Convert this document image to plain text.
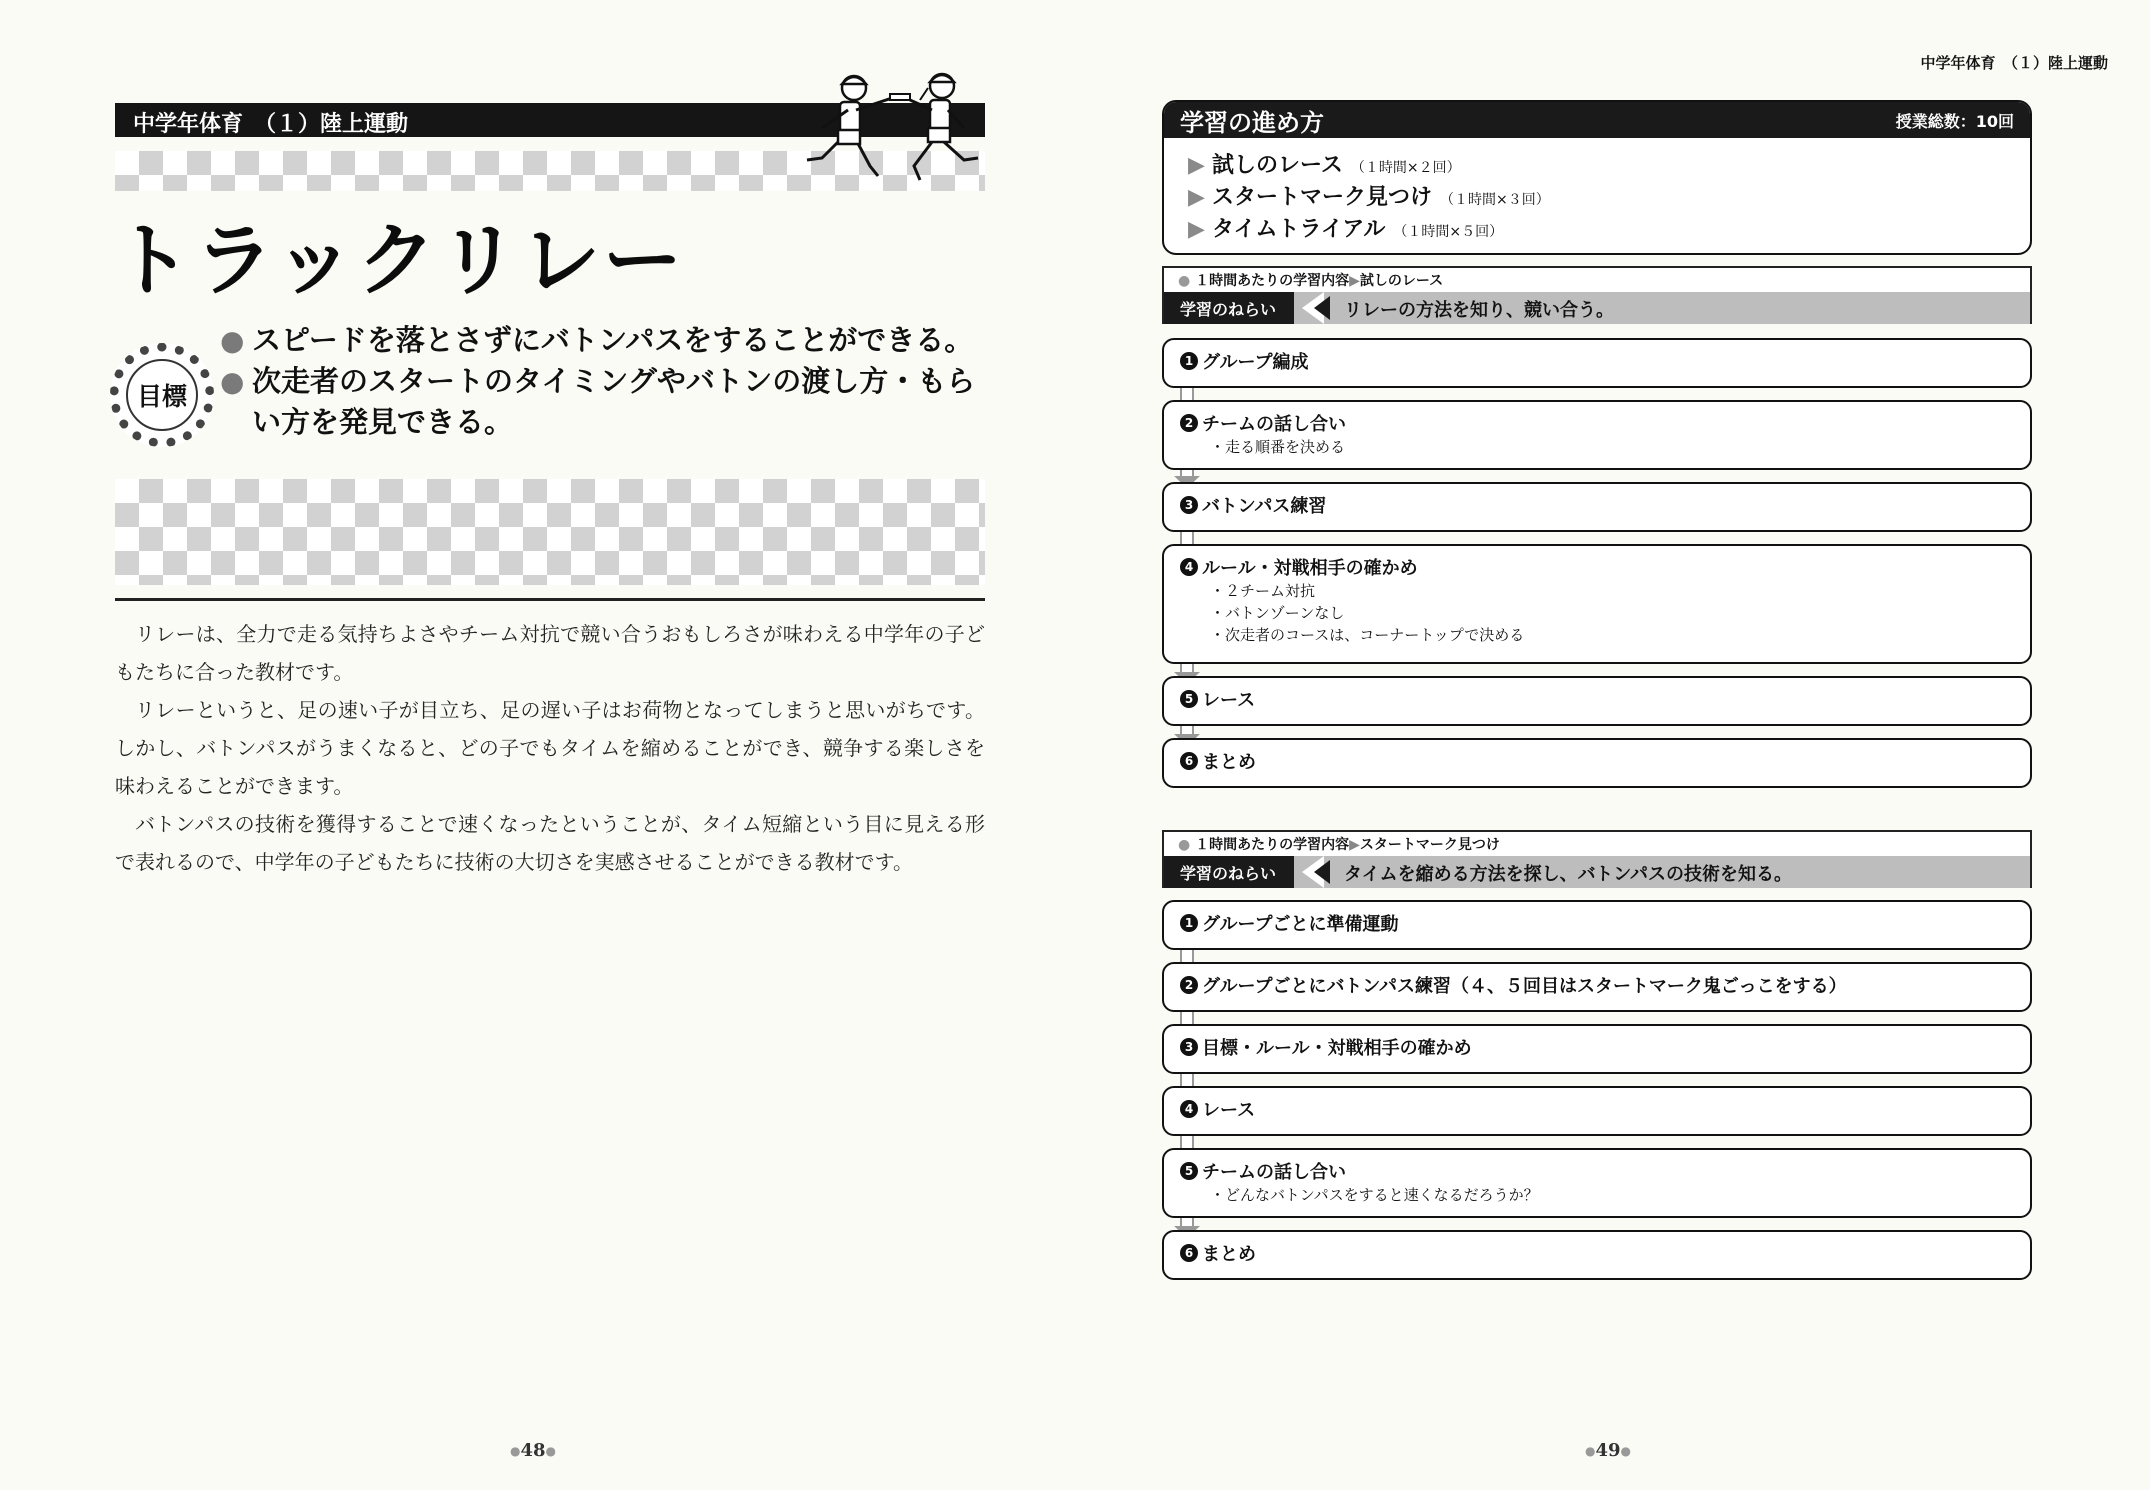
中学年体育　（１）陸上運動
トラックリレー
目標
● スピードを落とさずにバトンパスをすることができる。
● 次走者のスタートのタイミングやバトンの渡し方・もらい方を発見できる。

リレーは、全力で走る気持ちよさやチーム対抗で競い合うおもしろさが味わえる中学年の子どもたちに合った教材です。

リレーというと、足の速い子が目立ち、足の遅い子はお荷物となってしまうと思いがちです。しかし、バトンパスがうまくなると、どの子でもタイムを縮めることができ、競争する楽しさを味わえることができます。

バトンパスの技術を獲得することで速くなったということが、タイム短縮という目に見える形で表れるので、中学年の子どもたちに技術の大切さを実感させることができる教材です。

●48●
中学年体育　（１）陸上運動
学習の進め方	授業総数：10回
▶ 試しのレース （１時間×２回）
▶ スタートマーク見つけ （１時間×３回）
▶ タイムトライアル （１時間×５回）
● １時間あたりの学習内容▶試しのレース
学習のねらい	リレーの方法を知り、競い合う。
1 グループ編成
2 チームの話し合い
・走る順番を決める
3 バトンパス練習
4 ルール・対戦相手の確かめ
・２チーム対抗
・バトンゾーンなし
・次走者のコースは、コーナートップで決める
5 レース
6 まとめ
● １時間あたりの学習内容▶スタートマーク見つけ
学習のねらい	タイムを縮める方法を探し、バトンパスの技術を知る。
1 グループごとに準備運動
2 グループごとにバトンパス練習（４、５回目はスタートマーク鬼ごっこをする）
3 目標・ルール・対戦相手の確かめ
4 レース
5 チームの話し合い
・どんなバトンパスをすると速くなるだろうか？
6 まとめ
●49●
